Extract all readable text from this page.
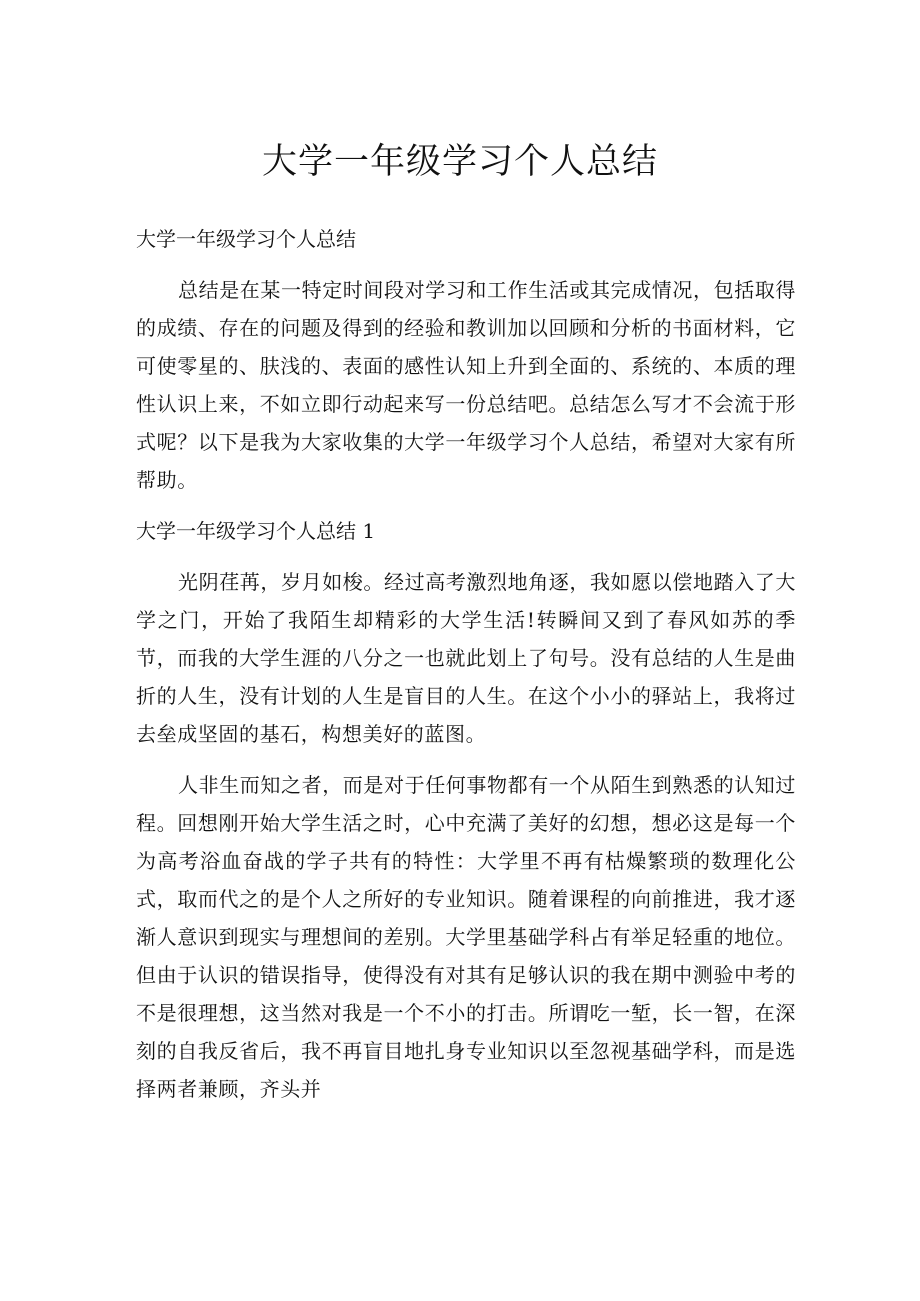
大学一年级学习个人总结

大学一年级学习个人总结

总结是在某一特定时间段对学习和工作生活或其完成情况，包括取得的成绩、存在的问题及得到的经验和教训加以回顾和分析的书面材料，它可使零星的、肤浅的、表面的感性认知上升到全面的、系统的、本质的理性认识上来，不如立即行动起来写一份总结吧。总结怎么写才不会流于形式呢？以下是我为大家收集的大学一年级学习个人总结，希望对大家有所帮助。

大学一年级学习个人总结 1

光阴荏苒，岁月如梭。经过高考激烈地角逐，我如愿以偿地踏入了大学之门，开始了我陌生却精彩的大学生活!转瞬间又到了春风如苏的季节，而我的大学生涯的八分之一也就此划上了句号。没有总结的人生是曲折的人生，没有计划的人生是盲目的人生。在这个小小的驿站上，我将过去垒成坚固的基石，构想美好的蓝图。

人非生而知之者，而是对于任何事物都有一个从陌生到熟悉的认知过程。回想刚开始大学生活之时，心中充满了美好的幻想，想必这是每一个为高考浴血奋战的学子共有的特性：大学里不再有枯燥繁琐的数理化公式，取而代之的是个人之所好的专业知识。随着课程的向前推进，我才逐渐人意识到现实与理想间的差别。大学里基础学科占有举足轻重的地位。但由于认识的错误指导，使得没有对其有足够认识的我在期中测验中考的不是很理想，这当然对我是一个不小的打击。所谓吃一堑，长一智，在深刻的自我反省后，我不再盲目地扎身专业知识以至忽视基础学科，而是选择两者兼顾，齐头并
